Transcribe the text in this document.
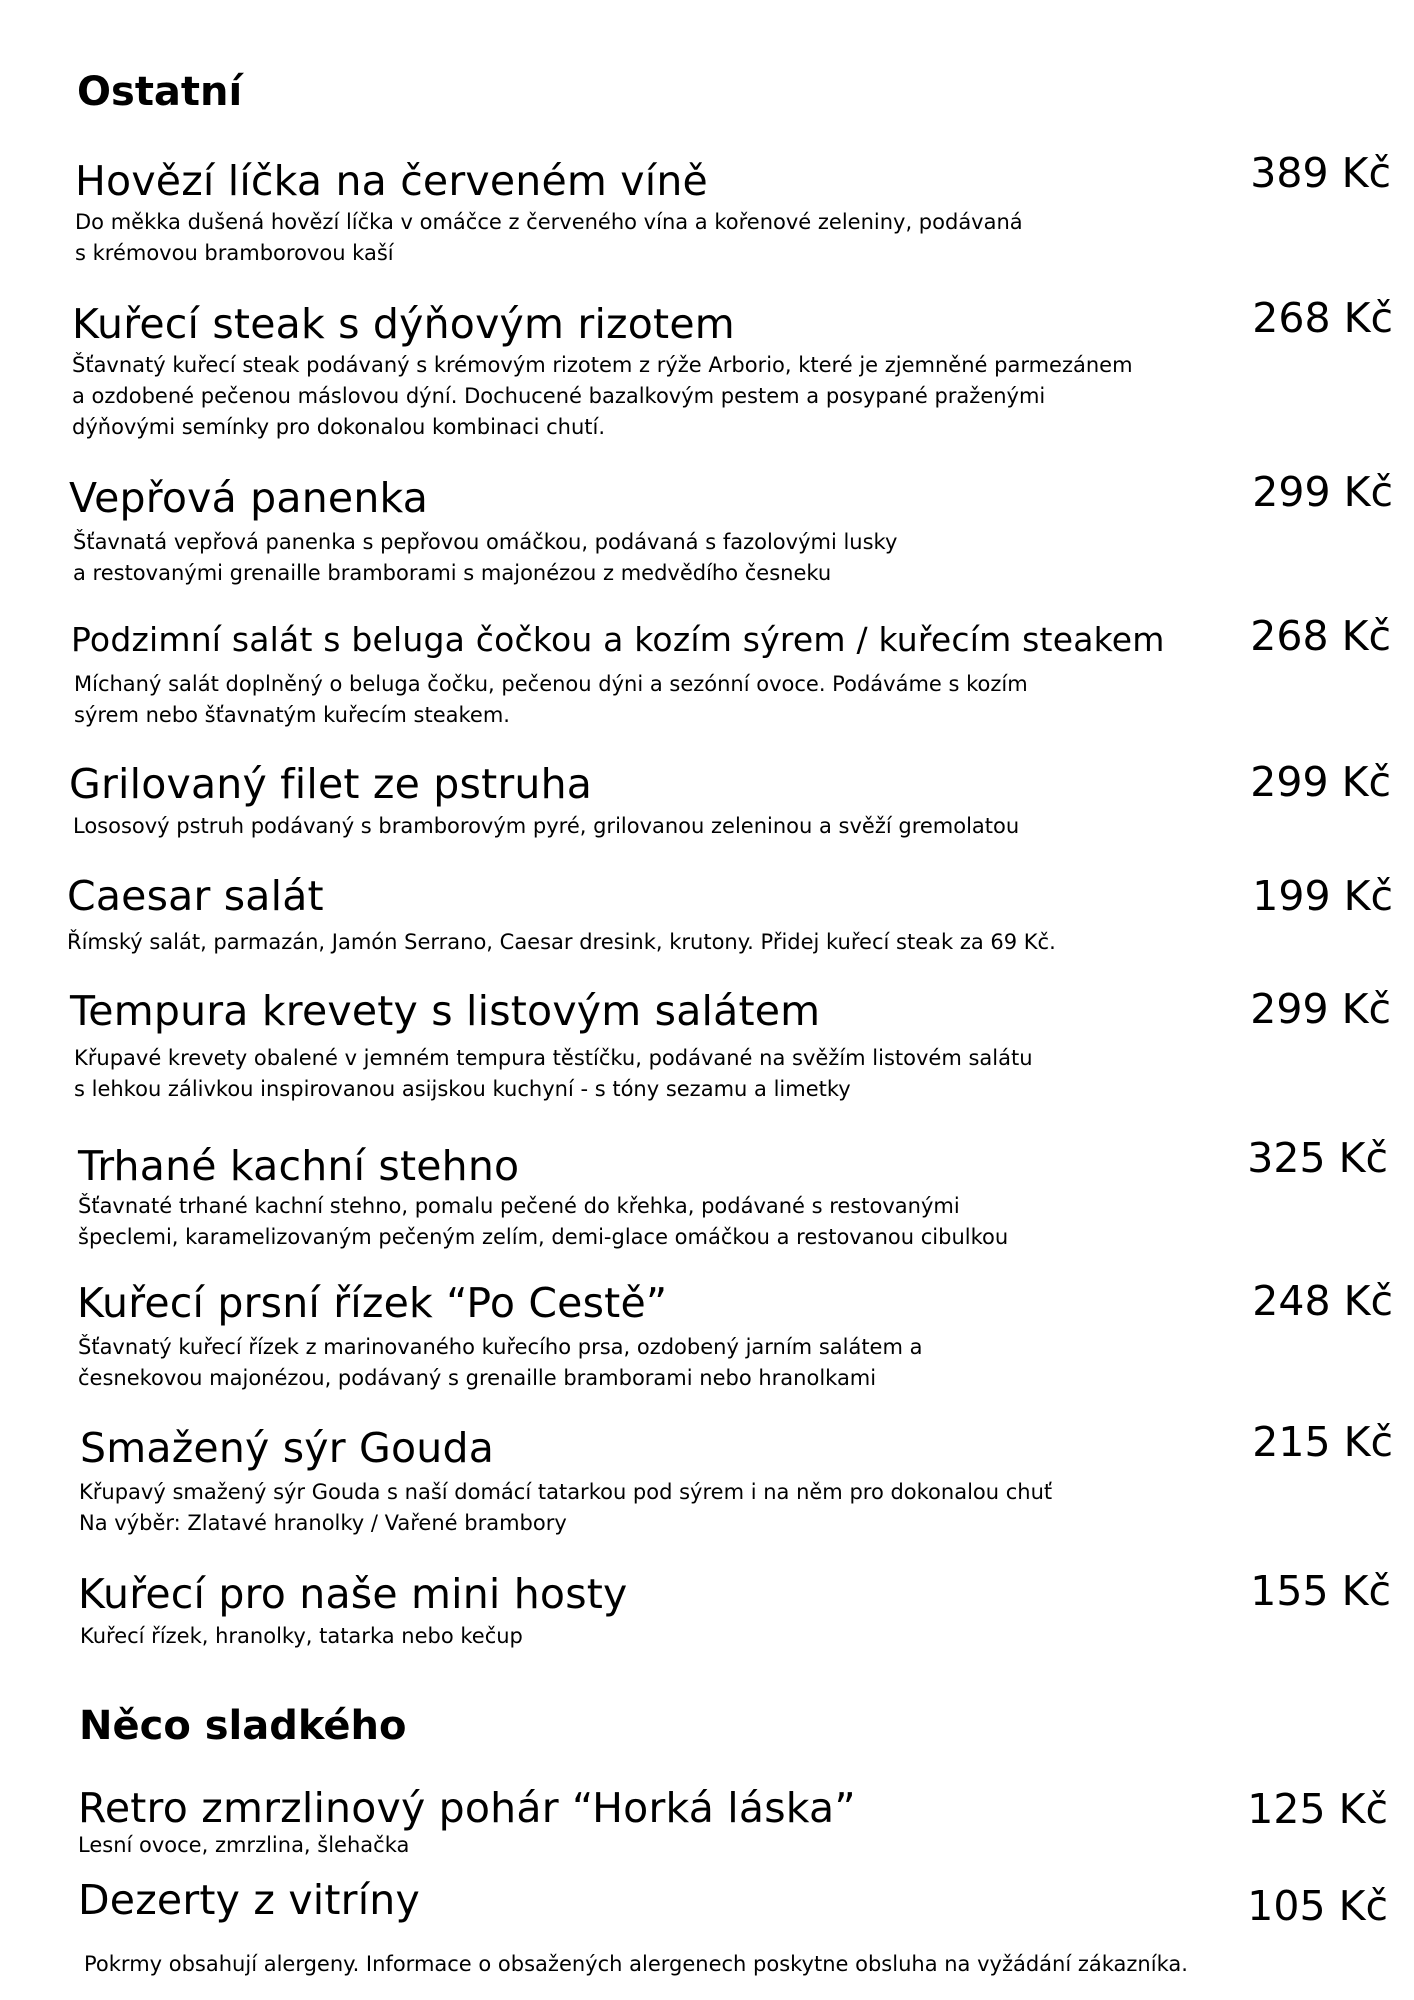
Ostatní
Hovězí líčka na červeném víně	389 Kč
Do měkka dušená hovězí líčka v omáčce z červeného vína a kořenové zeleniny, podávaná
s krémovou bramborovou kaší
Kuřecí steak s dýňovým rizotem	268 Kč
Šťavnatý kuřecí steak podávaný s krémovým rizotem z rýže Arborio, které je zjemněné parmezánem
a ozdobené pečenou máslovou dýní. Dochucené bazalkovým pestem a posypané praženými
dýňovými semínky pro dokonalou kombinaci chutí.
Vepřová panenka	299 Kč
Šťavnatá vepřová panenka s pepřovou omáčkou, podávaná s fazolovými lusky
a restovanými grenaille bramborami s majonézou z medvědího česneku
Podzimní salát s beluga čočkou a kozím sýrem / kuřecím steakem 268 Kč
Míchaný salát doplněný o beluga čočku, pečenou dýni a sezónní ovoce. Podáváme s kozím
sýrem nebo šťavnatým kuřecím steakem.
Grilovaný filet ze pstruha	299 Kč
Lososový pstruh podávaný s bramborovým pyré, grilovanou zeleninou a svěží gremolatou
Caesar salát	199 Kč
Římský salát, parmazán, Jamón Serrano, Caesar dresink, krutony. Přidej kuřecí steak za 69 Kč.
Tempura krevety s listovým salátem	299 Kč
Křupavé krevety obalené v jemném tempura těstíčku, podávané na svěžím listovém salátu
s lehkou zálivkou inspirovanou asijskou kuchyní - s tóny sezamu a limetky
Trhané kachní stehno	325 Kč
Šťavnaté trhané kachní stehno, pomalu pečené do křehka, podávané s restovanými
špeclemi, karamelizovaným pečeným zelím, demi-glace omáčkou a restovanou cibulkou
Kuřecí prsní řízek “Po Cestě”	248 Kč
Šťavnatý kuřecí řízek z marinovaného kuřecího prsa, ozdobený jarním salátem a
česnekovou majonézou, podávaný s grenaille bramborami nebo hranolkami
Smažený sýr Gouda	215 Kč
Křupavý smažený sýr Gouda s naší domácí tatarkou pod sýrem i na něm pro dokonalou chuť
Na výběr: Zlatavé hranolky / Vařené brambory
Kuřecí pro naše mini hosty	155 Kč
Kuřecí řízek, hranolky, tatarka nebo kečup
Něco sladkého
Retro zmrzlinový pohár “Horká láska”	125 Kč
Lesní ovoce, zmrzlina, šlehačka
Dezerty z vitríny	105 Kč
Pokrmy obsahují alergeny. Informace o obsažených alergenech poskytne obsluha na vyžádání zákazníka.
